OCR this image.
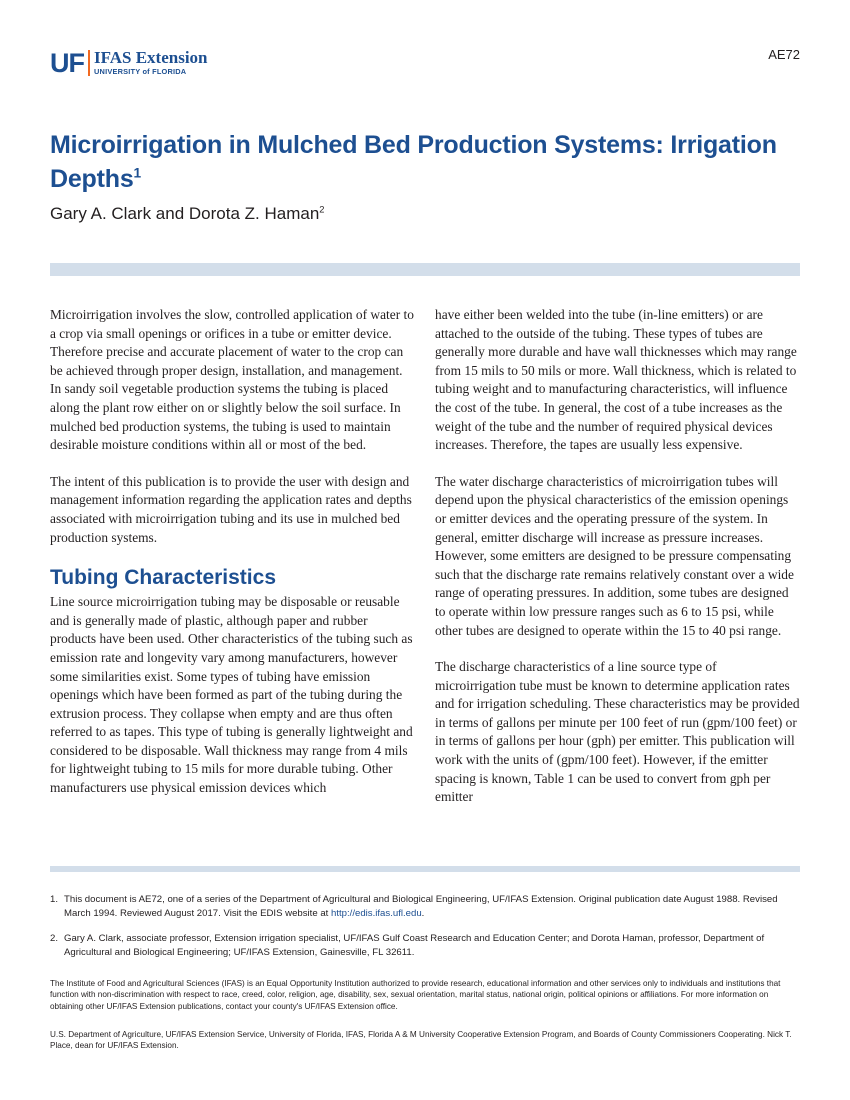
UF IFAS Extension
UNIVERSITY of FLORIDA
AE72
Microirrigation in Mulched Bed Production Systems: Irrigation Depths$^1$
Gary A. Clark and Dorota Z. Haman$^2$

Microirrigation involves the slow, controlled application of water to a crop via small openings or orifices in a tube or emitter device. Therefore precise and accurate placement of water to the crop can be achieved through proper design, installation, and management. In sandy soil vegetable production systems the tubing is placed along the plant row either on or slightly below the soil surface. In mulched bed production systems, the tubing is used to maintain desirable moisture conditions within all or most of the bed.

The intent of this publication is to provide the user with design and management information regarding the application rates and depths associated with microirrigation tubing and its use in mulched bed production systems.

Tubing Characteristics

Line source microirrigation tubing may be disposable or reusable and is generally made of plastic, although paper and rubber products have been used. Other characteristics of the tubing such as emission rate and longevity vary among manufacturers, however some similarities exist. Some types of tubing have emission openings which have been formed as part of the tubing during the extrusion process. They collapse when empty and are thus often referred to as tapes. This type of tubing is generally lightweight and considered to be disposable. Wall thickness may range from 4 mils for lightweight tubing to 15 mils for more durable tubing. Other manufacturers use physical emission devices which

have either been welded into the tube (in-line emitters) or are attached to the outside of the tubing. These types of tubes are generally more durable and have wall thicknesses which may range from 15 mils to 50 mils or more. Wall thickness, which is related to tubing weight and to manufacturing characteristics, will influence the cost of the tube. In general, the cost of a tube increases as the weight of the tube and the number of required physical devices increases. Therefore, the tapes are usually less expensive.

The water discharge characteristics of microirrigation tubes will depend upon the physical characteristics of the emission openings or emitter devices and the operating pressure of the system. In general, emitter discharge will increase as pressure increases. However, some emitters are designed to be pressure compensating such that the discharge rate remains relatively constant over a wide range of operating pressures. In addition, some tubes are designed to operate within low pressure ranges such as 6 to 15 psi, while other tubes are designed to operate within the 15 to 40 psi range.

The discharge characteristics of a line source type of microirrigation tube must be known to determine application rates and for irrigation scheduling. These characteristics may be provided in terms of gallons per minute per 100 feet of run (gpm/100 feet) or in terms of gallons per hour (gph) per emitter. This publication will work with the units of (gpm/100 feet). However, if the emitter spacing is known, Table 1 can be used to convert from gph per emitter

1. This document is AE72, one of a series of the Department of Agricultural and Biological Engineering, UF/IFAS Extension. Original publication date August 1988. Revised March 1994. Reviewed August 2017. Visit the EDIS website at http://edis.ifas.ufl.edu.
2. Gary A. Clark, associate professor, Extension irrigation specialist, UF/IFAS Gulf Coast Research and Education Center; and Dorota Haman, professor, Department of Agricultural and Biological Engineering; UF/IFAS Extension, Gainesville, FL 32611.
The Institute of Food and Agricultural Sciences (IFAS) is an Equal Opportunity Institution authorized to provide research, educational information and other services only to individuals and institutions that function with non-discrimination with respect to race, creed, color, religion, age, disability, sex, sexual orientation, marital status, national origin, political opinions or affiliations. For more information on obtaining other UF/IFAS Extension publications, contact your county's UF/IFAS Extension office.
U.S. Department of Agriculture, UF/IFAS Extension Service, University of Florida, IFAS, Florida A & M University Cooperative Extension Program, and Boards of County Commissioners Cooperating. Nick T. Place, dean for UF/IFAS Extension.
